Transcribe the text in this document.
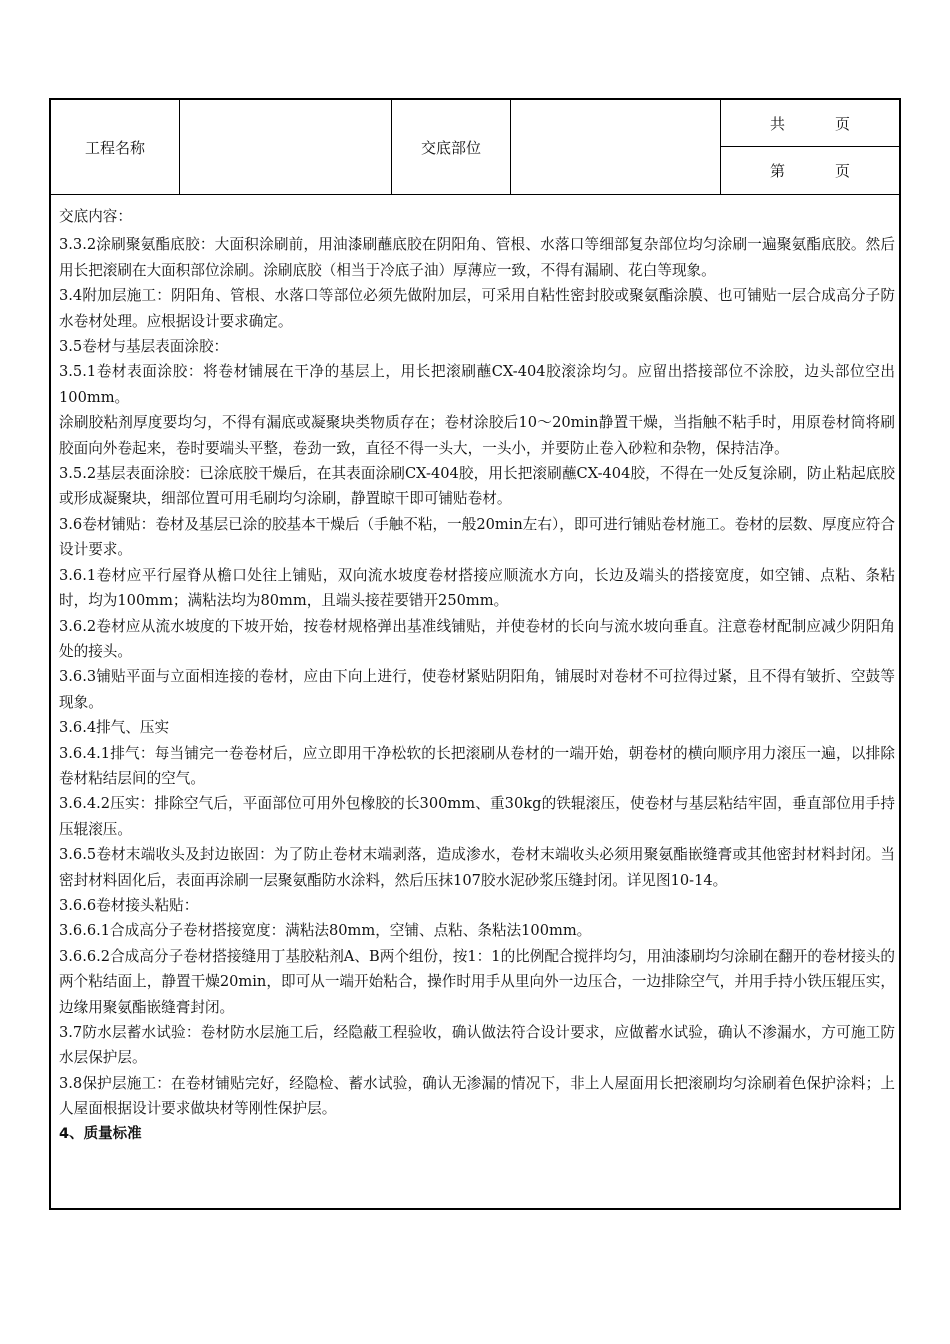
工程名称	交底部位
共	页
第	页

交底内容：

3.3.2涂刷聚氨酯底胶：大面积涂刷前，用油漆刷蘸底胶在阴阳角、管根、水落口等细部复杂部位均匀涂刷一遍聚氨酯底胶。然后用长把滚刷在大面积部位涂刷。涂刷底胶（相当于冷底子油）厚薄应一致，不得有漏刷、花白等现象。

3.4附加层施工：阴阳角、管根、水落口等部位必须先做附加层，可采用自粘性密封胶或聚氨酯涂膜、也可铺贴一层合成高分子防水卷材处理。应根据设计要求确定。

3.5卷材与基层表面涂胶：

3.5.1卷材表面涂胶：将卷材铺展在干净的基层上，用长把滚刷蘸CX-404胶滚涂均匀。应留出搭接部位不涂胶，边头部位空出100mm。

涂刷胶粘剂厚度要均匀，不得有漏底或凝聚块类物质存在；卷材涂胶后10～20min静置干燥，当指触不粘手时，用原卷材筒将刷胶面向外卷起来，卷时要端头平整，卷劲一致，直径不得一头大，一头小，并要防止卷入砂粒和杂物，保持洁净。

3.5.2基层表面涂胶：已涂底胶干燥后，在其表面涂刷CX-404胶，用长把滚刷蘸CX-404胶，不得在一处反复涂刷，防止粘起底胶或形成凝聚块，细部位置可用毛刷均匀涂刷，静置晾干即可铺贴卷材。

3.6卷材铺贴：卷材及基层已涂的胶基本干燥后（手触不粘，一般20min左右），即可进行铺贴卷材施工。卷材的层数、厚度应符合设计要求。

3.6.1卷材应平行屋脊从檐口处往上铺贴，双向流水坡度卷材搭接应顺流水方向，长边及端头的搭接宽度，如空铺、点粘、条粘时，均为100mm；满粘法均为80mm，且端头接茬要错开250mm。

3.6.2卷材应从流水坡度的下坡开始，按卷材规格弹出基准线铺贴，并使卷材的长向与流水坡向垂直。注意卷材配制应减少阴阳角处的接头。

3.6.3铺贴平面与立面相连接的卷材，应由下向上进行，使卷材紧贴阴阳角，铺展时对卷材不可拉得过紧，且不得有皱折、空鼓等现象。

3.6.4排气、压实

3.6.4.1排气：每当铺完一卷卷材后，应立即用干净松软的长把滚刷从卷材的一端开始，朝卷材的横向顺序用力滚压一遍，以排除卷材粘结层间的空气。

3.6.4.2压实：排除空气后，平面部位可用外包橡胶的长300mm、重30kg的铁辊滚压，使卷材与基层粘结牢固，垂直部位用手持压辊滚压。

3.6.5卷材末端收头及封边嵌固：为了防止卷材末端剥落，造成渗水，卷材末端收头必须用聚氨酯嵌缝膏或其他密封材料封闭。当密封材料固化后，表面再涂刷一层聚氨酯防水涂料，然后压抹107胶水泥砂浆压缝封闭。详见图10-14。

3.6.6卷材接头粘贴：

3.6.6.1合成高分子卷材搭接宽度：满粘法80mm，空铺、点粘、条粘法100mm。

3.6.6.2合成高分子卷材搭接缝用丁基胶粘剂A、B两个组份，按1：1的比例配合搅拌均匀，用油漆刷均匀涂刷在翻开的卷材接头的两个粘结面上，静置干燥20min，即可从一端开始粘合，操作时用手从里向外一边压合，一边排除空气，并用手持小铁压辊压实，边缘用聚氨酯嵌缝膏封闭。

3.7防水层蓄水试验：卷材防水层施工后，经隐蔽工程验收，确认做法符合设计要求，应做蓄水试验，确认不渗漏水，方可施工防水层保护层。

3.8保护层施工：在卷材铺贴完好，经隐检、蓄水试验，确认无渗漏的情况下，非上人屋面用长把滚刷均匀涂刷着色保护涂料；上人屋面根据设计要求做块材等刚性保护层。

4、质量标准
